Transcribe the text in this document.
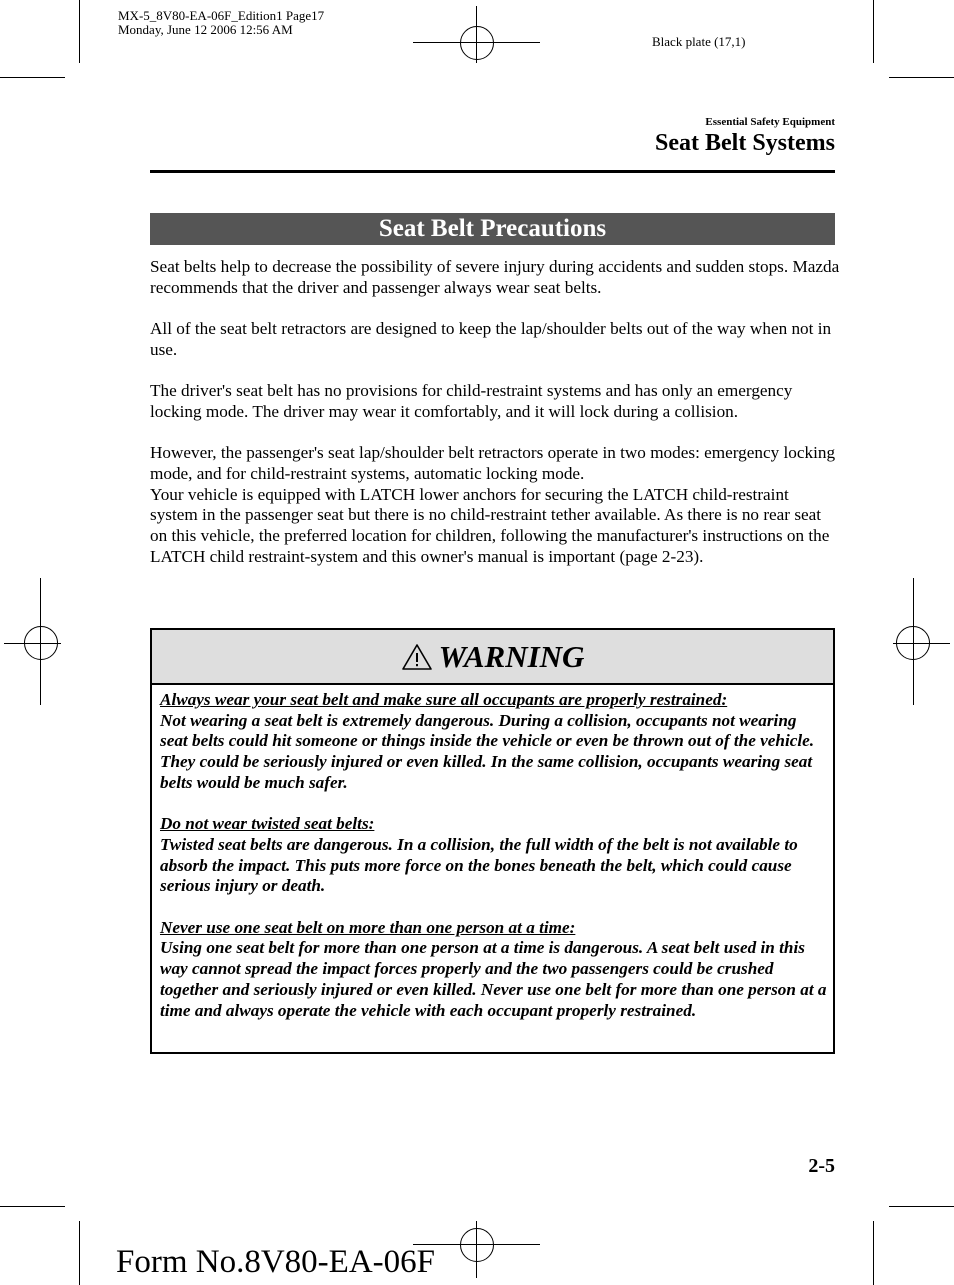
MX-5_8V80-EA-06F_Edition1 Page17
Monday, June 12 2006 12:56 AM
Black plate (17,1)
Essential Safety Equipment
Seat Belt Systems
Seat Belt Precautions

Seat belts help to decrease the possibility of severe injury during accidents and sudden stops. Mazda recommends that the driver and passenger always wear seat belts.

All of the seat belt retractors are designed to keep the lap/shoulder belts out of the way when not in use.

The driver's seat belt has no provisions for child-restraint systems and has only an emergency locking mode. The driver may wear it comfortably, and it will lock during a collision.

However, the passenger's seat lap/shoulder belt retractors operate in two modes: emergency locking mode, and for child-restraint systems, automatic locking mode.

Your vehicle is equipped with LATCH lower anchors for securing the LATCH child-restraint system in the passenger seat but there is no child-restraint tether available. As there is no rear seat on this vehicle, the preferred location for children, following the manufacturer's instructions on the LATCH child restraint-system and this owner's manual is important (page 2-23).

WARNING
Always wear your seat belt and make sure all occupants are properly restrained:
Not wearing a seat belt is extremely dangerous. During a collision, occupants not wearing seat belts could hit someone or things inside the vehicle or even be thrown out of the vehicle. They could be seriously injured or even killed. In the same collision, occupants wearing seat belts would be much safer.
Do not wear twisted seat belts:
Twisted seat belts are dangerous. In a collision, the full width of the belt is not available to absorb the impact. This puts more force on the bones beneath the belt, which could cause serious injury or death.
Never use one seat belt on more than one person at a time:
Using one seat belt for more than one person at a time is dangerous. A seat belt used in this way cannot spread the impact forces properly and the two passengers could be crushed together and seriously injured or even killed. Never use one belt for more than one person at a time and always operate the vehicle with each occupant properly restrained.
2-5
Form No.8V80-EA-06F
